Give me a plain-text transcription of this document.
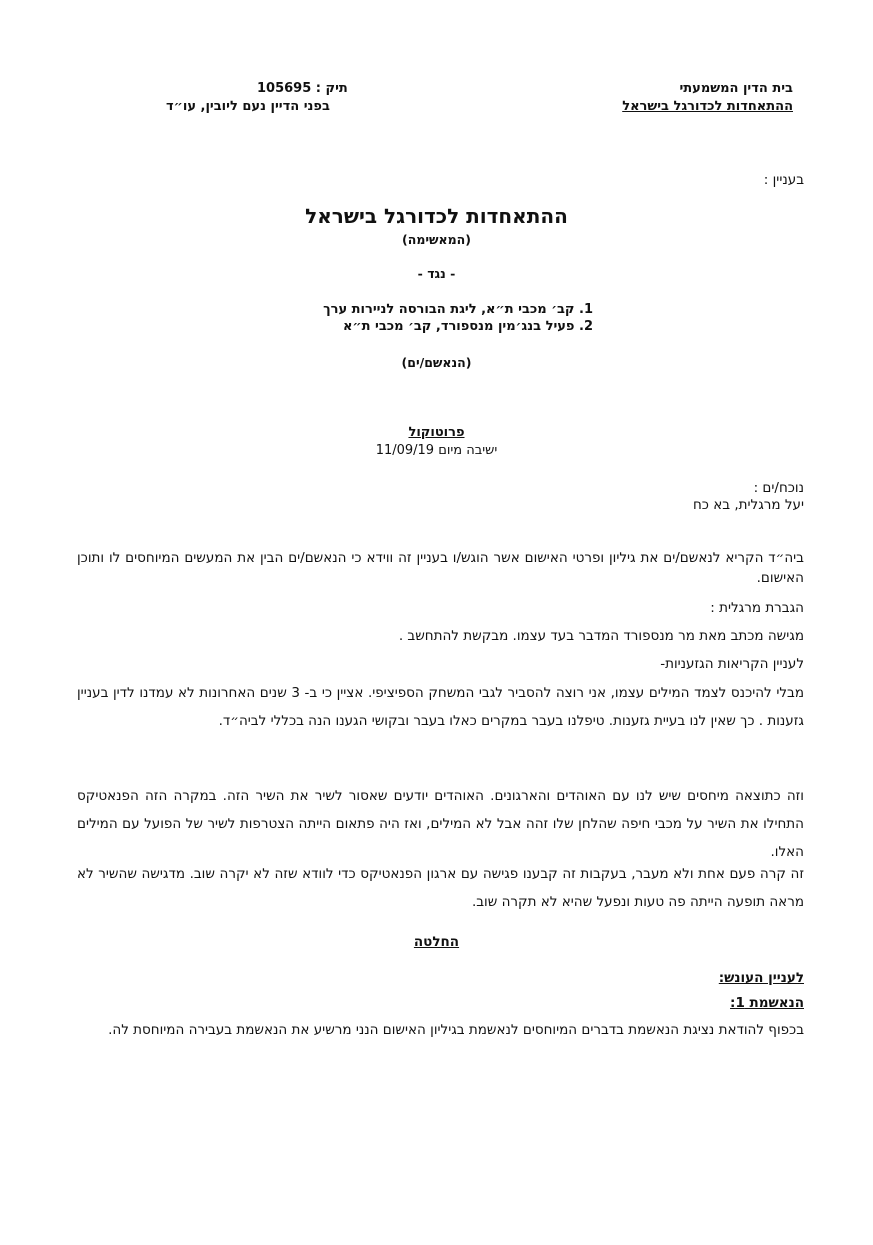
בית הדין המשמעתי
ההתאחדות לכדורגל בישראל
תיק : 105695
בפני הדיין נעם ליובין, עו״ד
בעניין :
ההתאחדות לכדורגל בישראל
(המאשימה)
- נגד -
1. קב׳ מכבי ת״א, ליגת הבורסה לניירות ערך
2. פעיל בנג׳מין מנספורד, קב׳ מכבי ת״א
(הנאשם/ים)
פרוטוקול
ישיבה מיום 11/09/19
נוכח/ים :
יעל מרגלית, בא כח
ביה״ד הקריא לנאשם/ים את גיליון ופרטי האישום אשר הוגש/ו בעניין זה ווידא כי הנאשם/ים הבין את המעשים המיוחסים לו ותוכן האישום.
הגברת מרגלית :
מגישה מכתב מאת מר מנספורד המדבר בעד עצמו. מבקשת להתחשב .
לעניין הקריאות הגזעניות-
מבלי להיכנס לצמד המילים עצמו, אני רוצה להסביר לגבי המשחק הספיציפי. אציין כי ב- 3 שנים האחרונות לא עמדנו לדין בעניין גזענות . כך שאין לנו בעיית גזענות. טיפלנו בעבר במקרים כאלו בעבר ובקושי הגענו הנה בכללי לביה״ד.
וזה כתוצאה מיחסים שיש לנו עם האוהדים והארגונים. האוהדים יודעים שאסור לשיר את השיר הזה. במקרה הזה הפנאטיקס התחילו את השיר על מכבי חיפה שהלחן שלו זהה אבל לא המילים, ואז היה פתאום הייתה הצטרפות לשיר של הפועל עם המילים האלו.
זה קרה פעם אחת ולא מעבר, בעקבות זה קבענו פגישה עם ארגון הפנאטיקס כדי לוודא שזה לא יקרה שוב. מדגישה שהשיר לא מראה תופעה הייתה פה טעות ונפעל שהיא לא תקרה שוב.
החלטה
לעניין העונש:
הנאשמת 1:
בכפוף להודאת נציגת הנאשמת בדברים המיוחסים לנאשמת בגיליון האישום הנני מרשיע את הנאשמת בעבירה המיוחסת לה.
